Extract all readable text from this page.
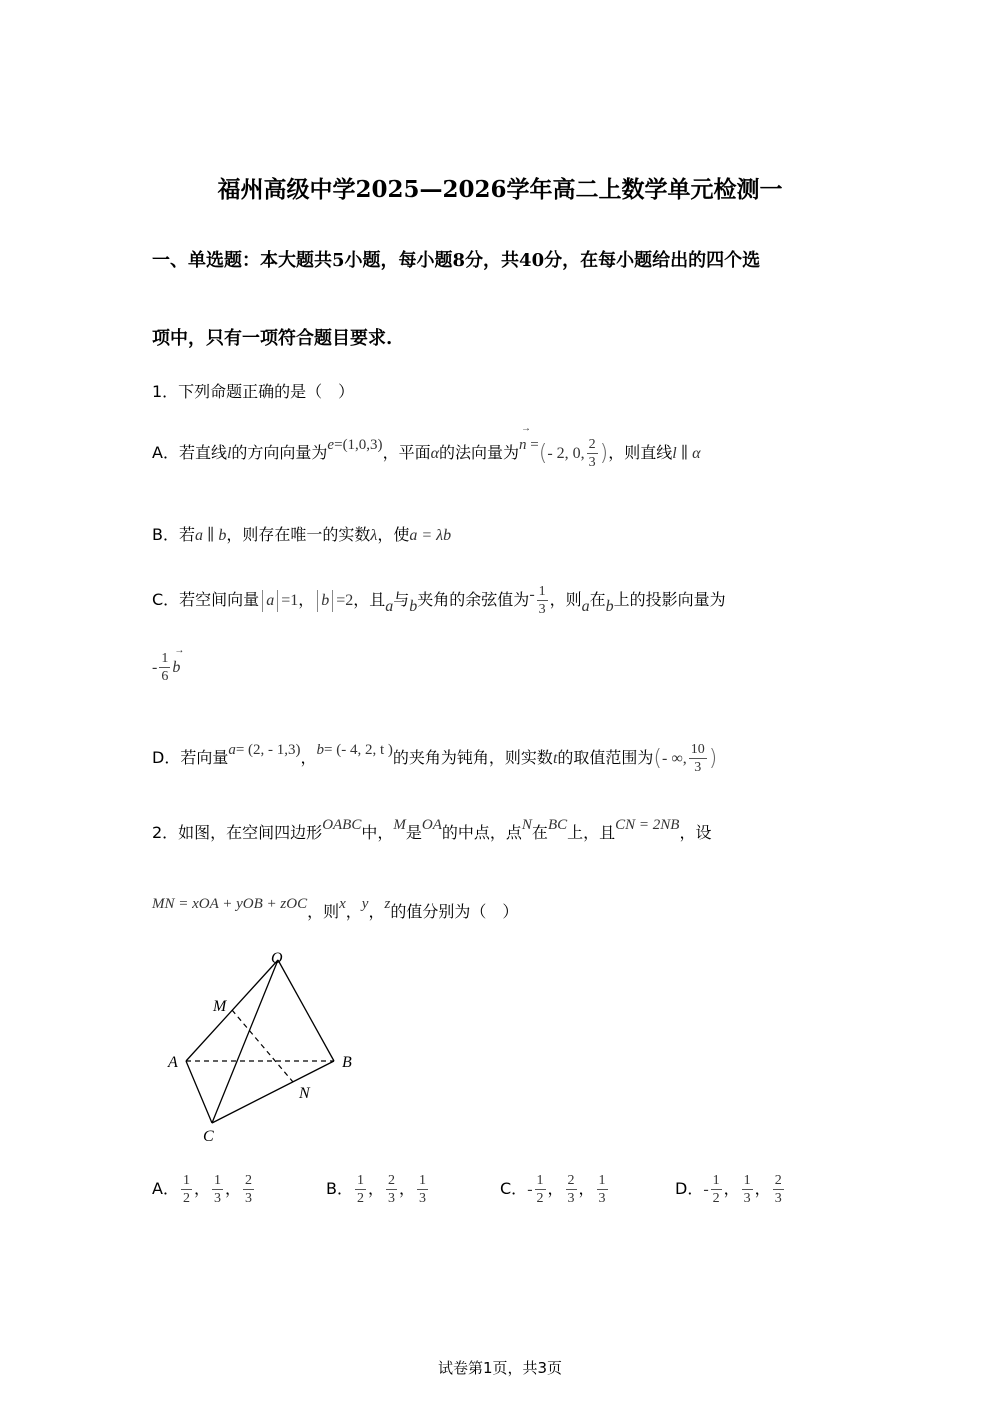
福州高级中学2025—2026学年高二上数学单元检测一
一、单选题：本大题共5小题，每小题8分，共40分，在每小题给出的四个选
项中，只有一项符合题目要求.
1．下列命题正确的是（　）
A．若直线l的方向向量为e=(1,0,3)，平面α的法向量为→ n =(- 2, 0, $\frac{2}{3}$ )，则直线l ∥ α
B．若a ∥ b，则存在唯一的实数λ，使a = λb
C．若空间向量 a =1， b =2，且a与b夹角的余弦值为- $\frac{1}{3}$ ，则a在b上的投影向量为
- $\frac{1}{6}$
→ b
D．若向量a= (2, - 1,3)，b= (- 4, 2, t )的夹角为钝角，则实数t的取值范围为(- ∞, $\frac{10}{3}$ )
2．如图，在空间四边形OABC中，M是OA的中点，点N在BC上，且CN = 2NB，设
MN = xOA + yOB + zOC，则x，y，z的值分别为（　）
O
M
A	B
N
C
A． $\frac{1}{2}$ ， $\frac{1}{3}$ ， $\frac{2}{3}$	B． $\frac{1}{2}$ ， $\frac{2}{3}$ ， $\frac{1}{3}$	C．- $\frac{1}{2}$ ， $\frac{2}{3}$ ， $\frac{1}{3}$	D．- $\frac{1}{2}$ ， $\frac{1}{3}$ ， $\frac{2}{3}$
试卷第1页，共3页
